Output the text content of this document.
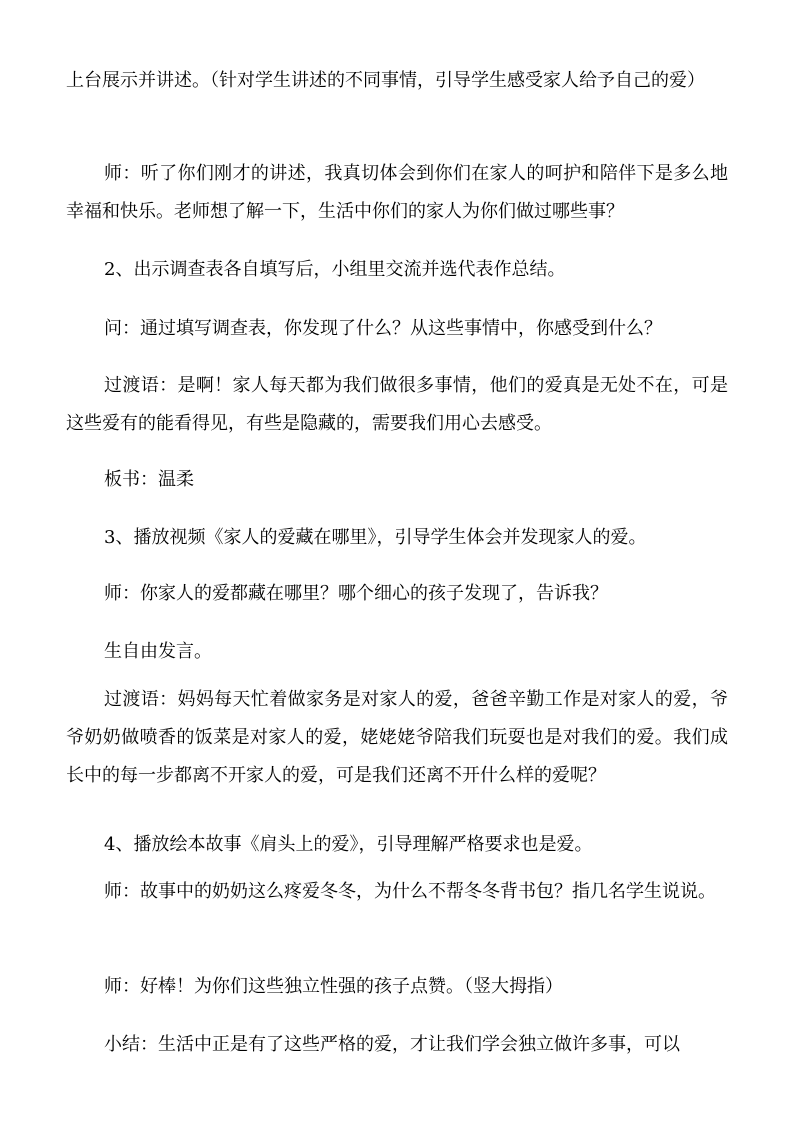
上台展示并讲述。（针对学生讲述的不同事情，引导学生感受家人给予自己的爱）

师：听了你们刚才的讲述，我真切体会到你们在家人的呵护和陪伴下是多么地幸福和快乐。老师想了解一下，生活中你们的家人为你们做过哪些事？

2、出示调查表各自填写后，小组里交流并选代表作总结。

问：通过填写调查表，你发现了什么？从这些事情中，你感受到什么？

过渡语：是啊！家人每天都为我们做很多事情，他们的爱真是无处不在，可是这些爱有的能看得见，有些是隐藏的，需要我们用心去感受。

板书：温柔

3、播放视频《家人的爱藏在哪里》，引导学生体会并发现家人的爱。

师：你家人的爱都藏在哪里？哪个细心的孩子发现了，告诉我？

生自由发言。

过渡语：妈妈每天忙着做家务是对家人的爱，爸爸辛勤工作是对家人的爱，爷爷奶奶做喷香的饭菜是对家人的爱，姥姥姥爷陪我们玩耍也是对我们的爱。我们成长中的每一步都离不开家人的爱，可是我们还离不开什么样的爱呢？

4、播放绘本故事《肩头上的爱》，引导理解严格要求也是爱。

师：故事中的奶奶这么疼爱冬冬，为什么不帮冬冬背书包？指几名学生说说。

师：好棒！为你们这些独立性强的孩子点赞。（竖大拇指）

小结：生活中正是有了这些严格的爱，才让我们学会独立做许多事，可以
